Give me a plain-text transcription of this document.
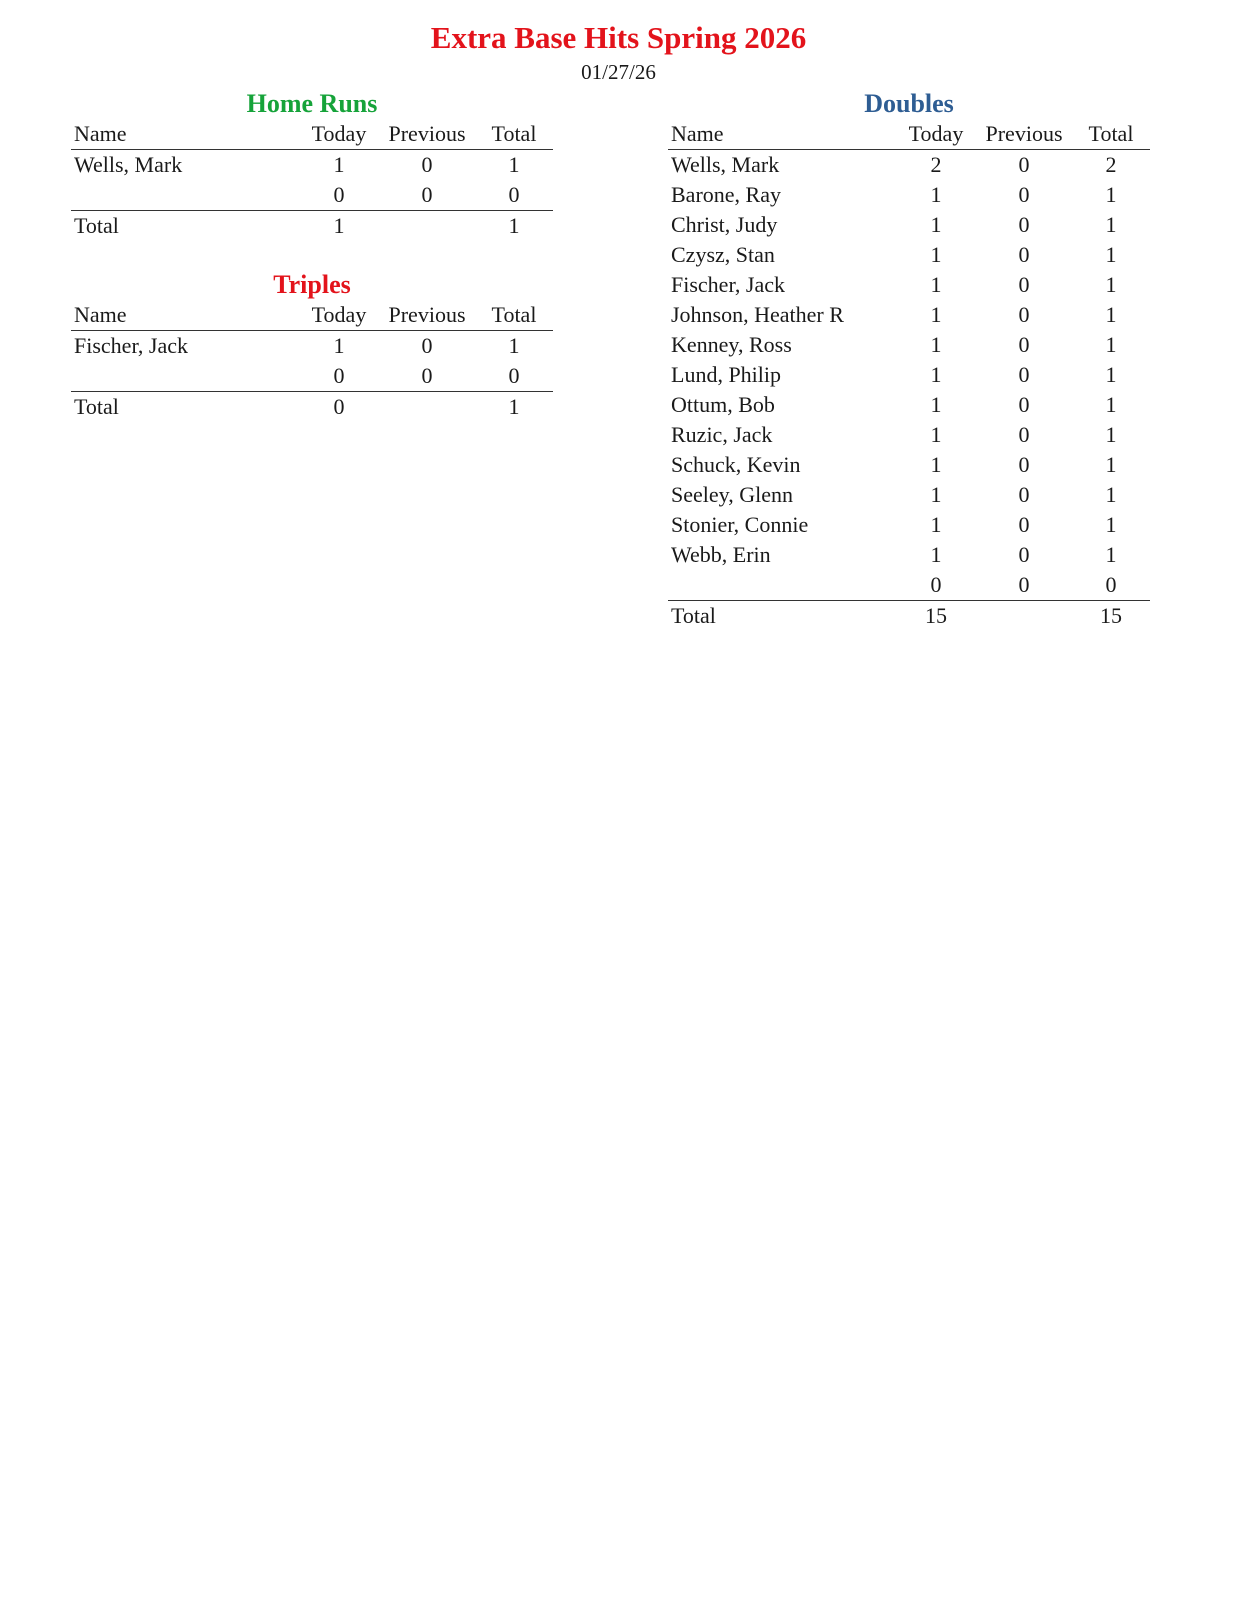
Extra Base Hits Spring 2026
01/27/26
Home Runs
Name	Today	Previous	Total
Wells, Mark	1	0	1
	0	0	0
Total	1		1
Triples
Name	Today	Previous	Total
Fischer, Jack	1	0	1
	0	0	0
Total	0		1
Doubles
Name	Today	Previous	Total
Wells, Mark	2	0	2
Barone, Ray	1	0	1
Christ, Judy	1	0	1
Czysz, Stan	1	0	1
Fischer, Jack	1	0	1
Johnson, Heather R	1	0	1
Kenney, Ross	1	0	1
Lund, Philip	1	0	1
Ottum, Bob	1	0	1
Ruzic, Jack	1	0	1
Schuck, Kevin	1	0	1
Seeley, Glenn	1	0	1
Stonier, Connie	1	0	1
Webb, Erin	1	0	1
	0	0	0
Total	15		15
